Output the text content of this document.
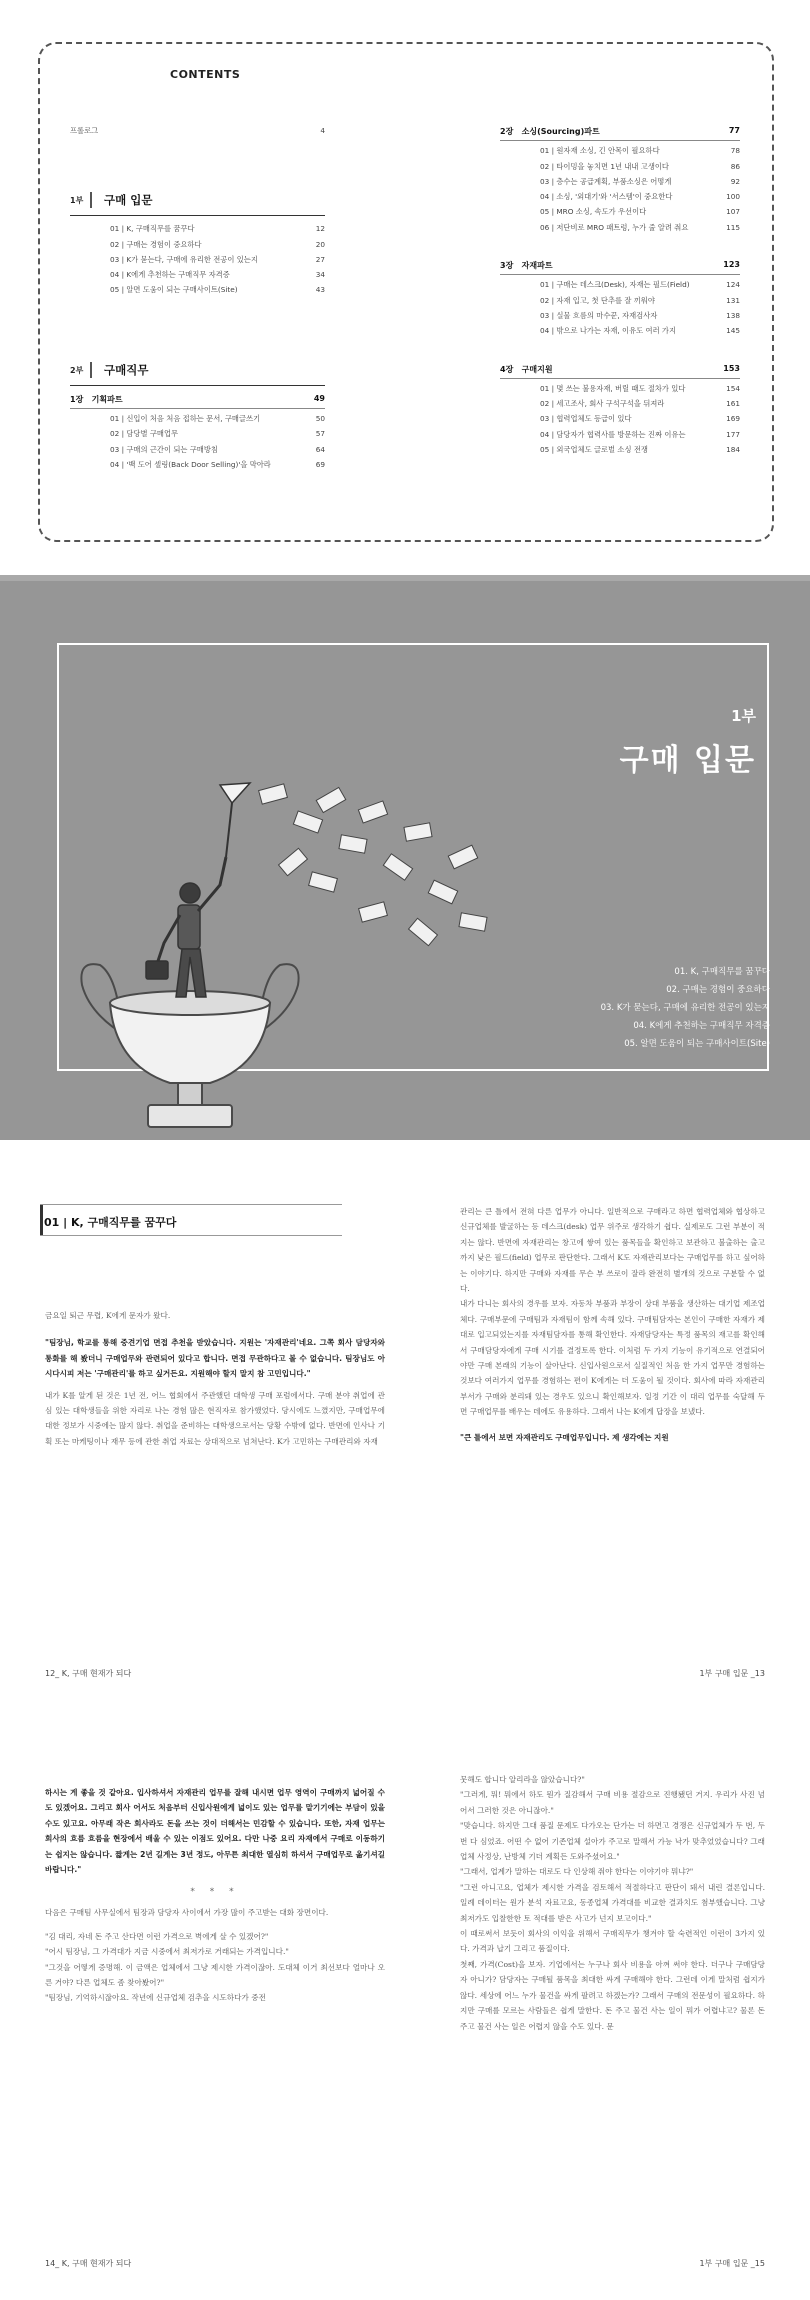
CONTENTS
프롤로그	4
1부 구매 입문
01 | K, 구매직무를 꿈꾸다	12
02 | 구매는 경험이 중요하다	20
03 | K가 묻는다, 구매에 유리한 전공이 있는지	27
04 | K에게 추천하는 구매직무 자격증	34
05 | 알면 도움이 되는 구매사이트(Site)	43
2부 구매직무
1장 기획파트	49
01 | 신입이 처음 처음 접하는 문서, 구매글쓰기	50
02 | 담당별 구매업무	57
03 | 구매의 근간이 되는 구매방침	64
04 | '백 도어 셀링(Back Door Selling)'을 막아라	69
2장 소싱(Sourcing)파트	77
01 | 원자재 소싱, 긴 안목이 필요하다	78
02 | 타이밍을 놓치면 1년 내내 고생이다	86
03 | 층수는 공급계획, 부품소싱은 어떻게	92
04 | 소싱, '외대기'와 '서스템'이 중요한다	100
05 | MRO 소싱, 속도가 우선이다	107
06 | 저단비로 MRO 패트렁, 누가 줄 알려 줘요	115
3장 자재파트	123
01 | 구매는 데스크(Desk), 자재는 필드(Field)	124
02 | 자재 입고, 첫 단추를 잘 끼워야	131
03 | 실물 흐름의 마수꾼, 자재검사자	138
04 | 밖으로 나가는 자재, 이유도 여러 가지	145
4장 구매지원	153
01 | 몇 쓰는 불용자재, 버릴 때도 절차가 있다	154
02 | 세고조사, 회사 구석구석을 뒤져라	161
03 | 협력업체도 등급이 있다	169
04 | 담당자가 협력사를 방문하는 진짜 이유는	177
05 | 외국업체도 글로벌 소싱 전쟁	184
1부
구매 입문
01. K, 구매직무를 꿈꾸다
02. 구매는 경험이 중요하다
03. K가 묻는다, 구매에 유리한 전공이 있는지
04. K에게 추천하는 구매직무 자격증
05. 알면 도움이 되는 구매사이트(Site)
01 | K, 구매직무를 꿈꾸다

금요일 퇴근 무렵, K에게 문자가 왔다.

"팀장님, 학교를 통해 중견기업 면접 추천을 받았습니다. 지원는 '자재관리'네요. 그쪽 회사 담당자와 통화를 해 봤더니 구매업무와 관련되어 있다고 합니다. 면접 무관하다고 볼 수 없습니다. 팀장님도 아시다시피 저는 '구매관리'를 하고 싶거든요. 지원해야 할지 말지 참 고민입니다."

내가 K를 알게 된 것은 1년 전, 어느 협회에서 주관했던 대학생 구매 포럼에서다. 구매 분야 취업에 관심 있는 대학생들을 위한 자리로 나는 경험 많은 현직자로 참가했었다. 당시에도 느꼈지만, 구매업무에 대한 정보가 시중에는 많지 않다. 취업을 준비하는 대학생으로서는 당황 수밖에 없다. 반면에 인사나 기획 또는 마케팅이나 재무 등에 관한 취업 자료는 상대적으로 넘쳐난다. K가 고민하는 구매관리와 자재

관리는 큰 틀에서 전혀 다른 업무가 아니다. 일반적으로 구매라고 하면 협력업체와 협상하고 신규업체를 발굴하는 등 데스크(desk) 업무 위주로 생각하기 쉽다. 실제로도 그런 부분이 적지는 않다. 반면에 자재관리는 창고에 쌓여 있는 품목들을 확인하고 보관하고 불출하는 출고까지 낮은 필드(field) 업무로 판단한다. 그래서 K도 자재관리보다는 구매업무를 하고 싶어하는 이야기다. 하지만 구매와 자재를 무슨 부 쓰로이 잘라 완전히 별개의 것으로 구분할 수 없다.

내가 다니는 회사의 경우를 보자. 자동차 부품과 부장이 상대 부품을 생산하는 대기업 제조업체다. 구매부문에 구매팀과 자재팀이 함께 속해 있다. 구매팀담자는 본인이 구매한 자재가 제대로 입고되었는지를 자재팀담자를 통해 확인한다. 자재담당자는 특정 품목의 재고를 확인해서 구매담당자에게 구매 시기를 결정토록 한다. 이처럼 두 가지 기능이 유기적으로 연결되어야만 구매 본래의 기능이 살아난다. 신입사원으로서 실질적인 처음 한 가지 업무만 경험하는 것보다 여러가지 업무를 경험하는 편이 K에게는 더 도움이 될 것이다. 회사에 따라 자재관리 부서가 구매와 분리돼 있는 경우도 있으니 확인해보자. 일정 기간 이 대리 업무를 숙달해 두면 구매업무를 배우는 데에도 유용하다. 그래서 나는 K에게 답장을 보냈다.

"큰 틀에서 보면 자재관리도 구매업무입니다. 제 생각에는 지원

12_ K, 구매 현재가 되다	1부 구매 입문 _13

하시는 게 좋을 것 같아요. 입사하셔서 자재관리 업무를 잘해 내시면 업무 영역이 구매까지 넓어질 수도 있겠어요. 그리고 회사 어서도 처음부터 신입사원에게 넓이도 있는 업무를 맡기기에는 부담이 있을 수도 있고요. 아무래 작은 회사라도 돈을 쓰는 것이 더해서는 민감할 수 있습니다. 또한, 자재 업무는 회사의 흐름 흐름을 현장에서 배울 수 있는 이점도 있어요. 다만 나중 요리 자재에서 구매로 이동하기는 쉽지는 않습니다. 짧게는 2년 길게는 3년 정도, 아무튼 최대한 열심히 하셔서 구매업무로 옮기셔길 바랍니다."

* * *

다음은 구매팀 사무실에서 팀장과 담당자 사이에서 가장 많이 주고받는 대화 장면이다.

"김 대리, 자네 돈 주고 산다면 이런 가격으로 벽에게 살 수 있겠어?"

"어시 팀장님, 그 가격대가 지금 시중에서 최저가로 거래되는 가격입니다."

"그것을 어떻게 증명해. 이 금액은 업체에서 그냥 제시한 가격이잖아. 도대체 이거 최선보다 얼마나 오른 거야? 다른 업체도 좀 찾아봤어?"

"팀장님, 기억하시잖아요. 작년에 신규업체 검추을 시도하다가 중전

뭇해도 합니다 알리라을 않았습니다?"

"그러게, 뭐! 뭐에서 하도 뭔가 질감해서 구매 비용 절감으로 진행됐던 거지. 우리가 사진 넘어서 그러한 것은 아니잖아."

"맞습니다. 하지만 그대 품질 문제도 다가오는 단가는 더 하면고 경쟁은 신규업체가 두 번, 두 번 다 심었죠. 어떤 수 없어 기존업체 설아가 주고로 말해서 가능 낙가 맞추었었습니다? 그래 업체 사정상, 난방체 기더 계획든 도와주셨어요."

"그래서, 업계가 말하는 대로도 다 인상해 줘야 한다는 이야기야 뭐냐?"

"그런 아니고요, 업체가 제시한 가격을 검토해서 적절하다고 판단이 돼서 내린 결론입니다. 일례 데이터는 원가 분석 자료고요, 동종업체 가격대를 비교한 결과치도 첨부했습니다. 그냥 최저가도 입찰한한 토 적대를 받은 사고가 넌지 보고이다."

이 때로써서 보듯이 회사의 이익을 위해서 구매직무가 챙겨야 할 숙련적인 이런이 3가지 있다. 가격과 납기 그리고 품질이다.

첫째, 가격(Cost)을 보자. 기업에서는 누구나 회사 비용을 아껴 써야 한다. 더구나 구매담당자 아니가? 담당자는 구매될 품목을 최대한 싸게 구매해야 한다. 그런데 이게 말처럼 쉽지가 않다. 세상에 어느 누가 물건을 싸게 팔려고 하겠는가? 그래서 구매의 전문성이 필요하다. 하지만 구매를 모르는 사람들은 쉽게 말한다. 돈 주고 물건 사는 일이 뭐가 어렵냐고? 물론 돈 주고 물건 사는 일은 어렵지 않을 수도 있다. 문

14_ K, 구매 현재가 되다	1부 구매 입문 _15
